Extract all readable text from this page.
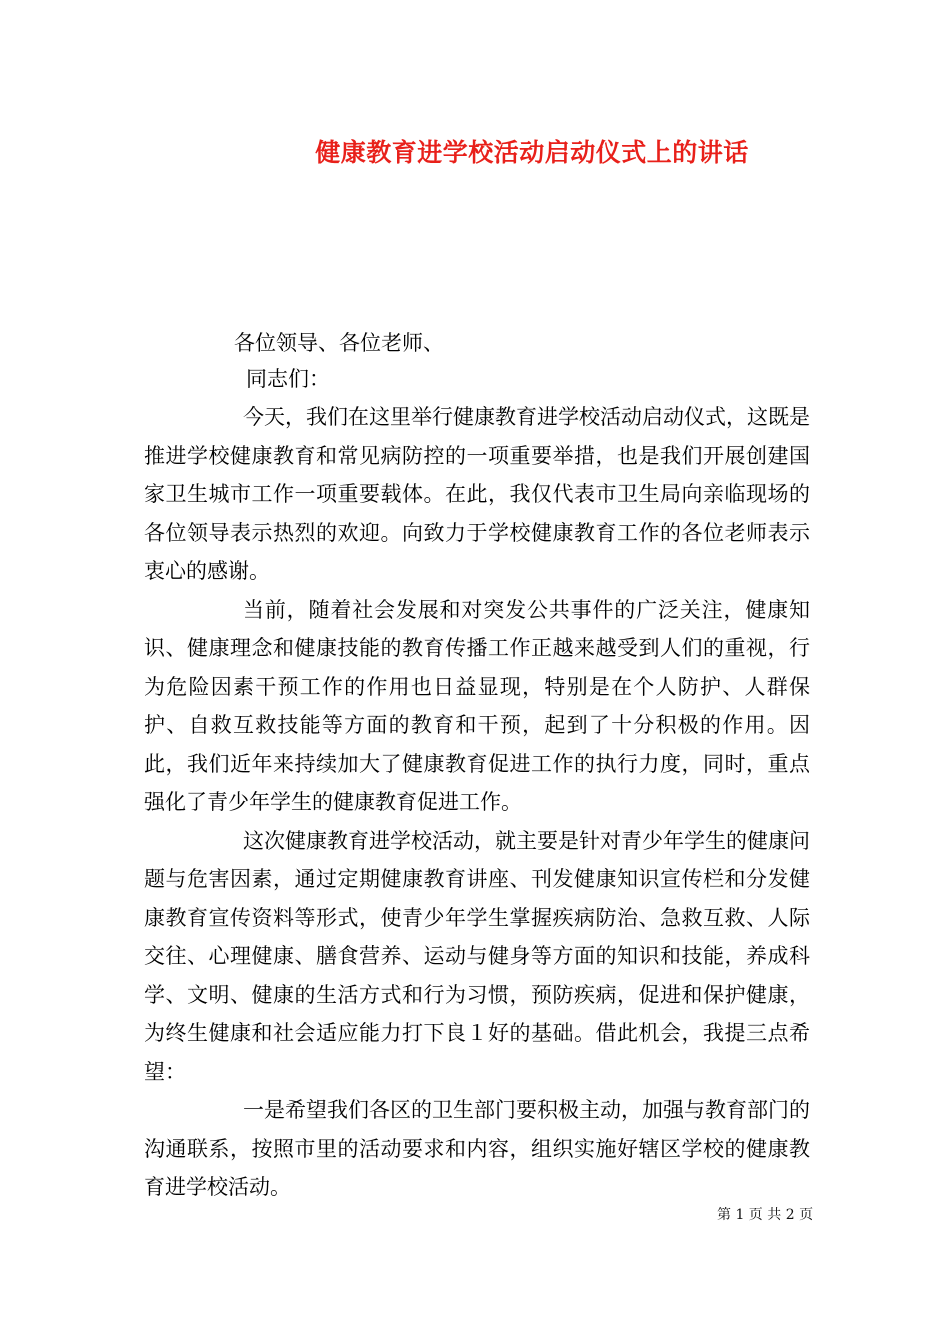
健康教育进学校活动启动仪式上的讲话
各位领导、各位老师、
同志们：

今天，我们在这里举行健康教育进学校活动启动仪式，这既是推进学校健康教育和常见病防控的一项重要举措，也是我们开展创建国家卫生城市工作一项重要载体。在此，我仅代表市卫生局向亲临现场的各位领导表示热烈的欢迎。向致力于学校健康教育工作的各位老师表示衷心的感谢。

当前，随着社会发展和对突发公共事件的广泛关注，健康知识、健康理念和健康技能的教育传播工作正越来越受到人们的重视，行为危险因素干预工作的作用也日益显现，特别是在个人防护、人群保护、自救互救技能等方面的教育和干预，起到了十分积极的作用。因此，我们近年来持续加大了健康教育促进工作的执行力度，同时，重点强化了青少年学生的健康教育促进工作。

这次健康教育进学校活动，就主要是针对青少年学生的健康问题与危害因素，通过定期健康教育讲座、刊发健康知识宣传栏和分发健康教育宣传资料等形式，使青少年学生掌握疾病防治、急救互救、人际交往、心理健康、膳食营养、运动与健身等方面的知识和技能，养成科学、文明、健康的生活方式和行为习惯，预防疾病，促进和保护健康，为终生健康和社会适应能力打下良１好的基础。借此机会，我提三点希望：

一是希望我们各区的卫生部门要积极主动，加强与教育部门的沟通联系，按照市里的活动要求和内容，组织实施好辖区学校的健康教育进学校活动。

第 1 页 共 2 页
